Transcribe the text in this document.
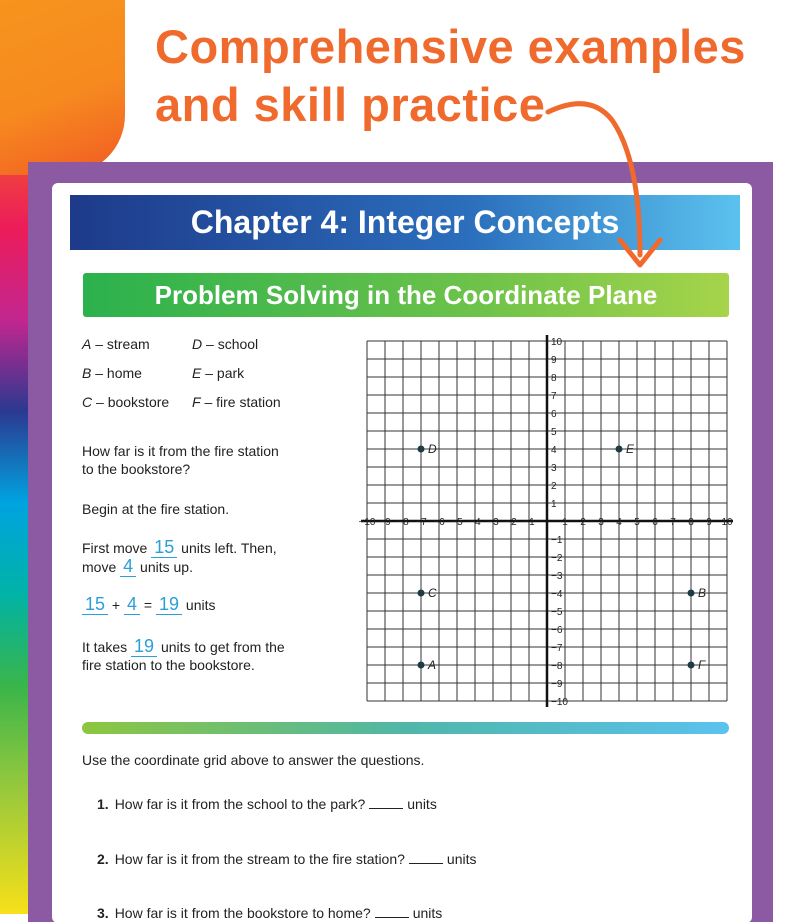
Comprehensive examples
and skill practice
Chapter 4: Integer Concepts
Problem Solving in the Coordinate Plane
A – stream	D – school
B – home	E – park
C – bookstore	F – fire station
How far is it from the fire station
to the bookstore?
Begin at the fire station.
First move 15 units left. Then,
move 4 units up.
15 + 4 = 19 units
It takes 19 units to get from the
fire station to the bookstore.
−10 −9 −8 −7 −6 −5 −4 −3 −2 −1	1 2 3 4 5 6 7 8 9 10
10
9
8
7
6
5
4
3
2
1
−1
−2
−3
−4
−5
−6
−7
−8
−9
−10
D	E
C	B
A	F
Use the coordinate grid above to answer the questions.
1. How far is it from the school to the park?	units
2. How far is it from the stream to the fire station?	units
3. How far is it from the bookstore to home?	units
